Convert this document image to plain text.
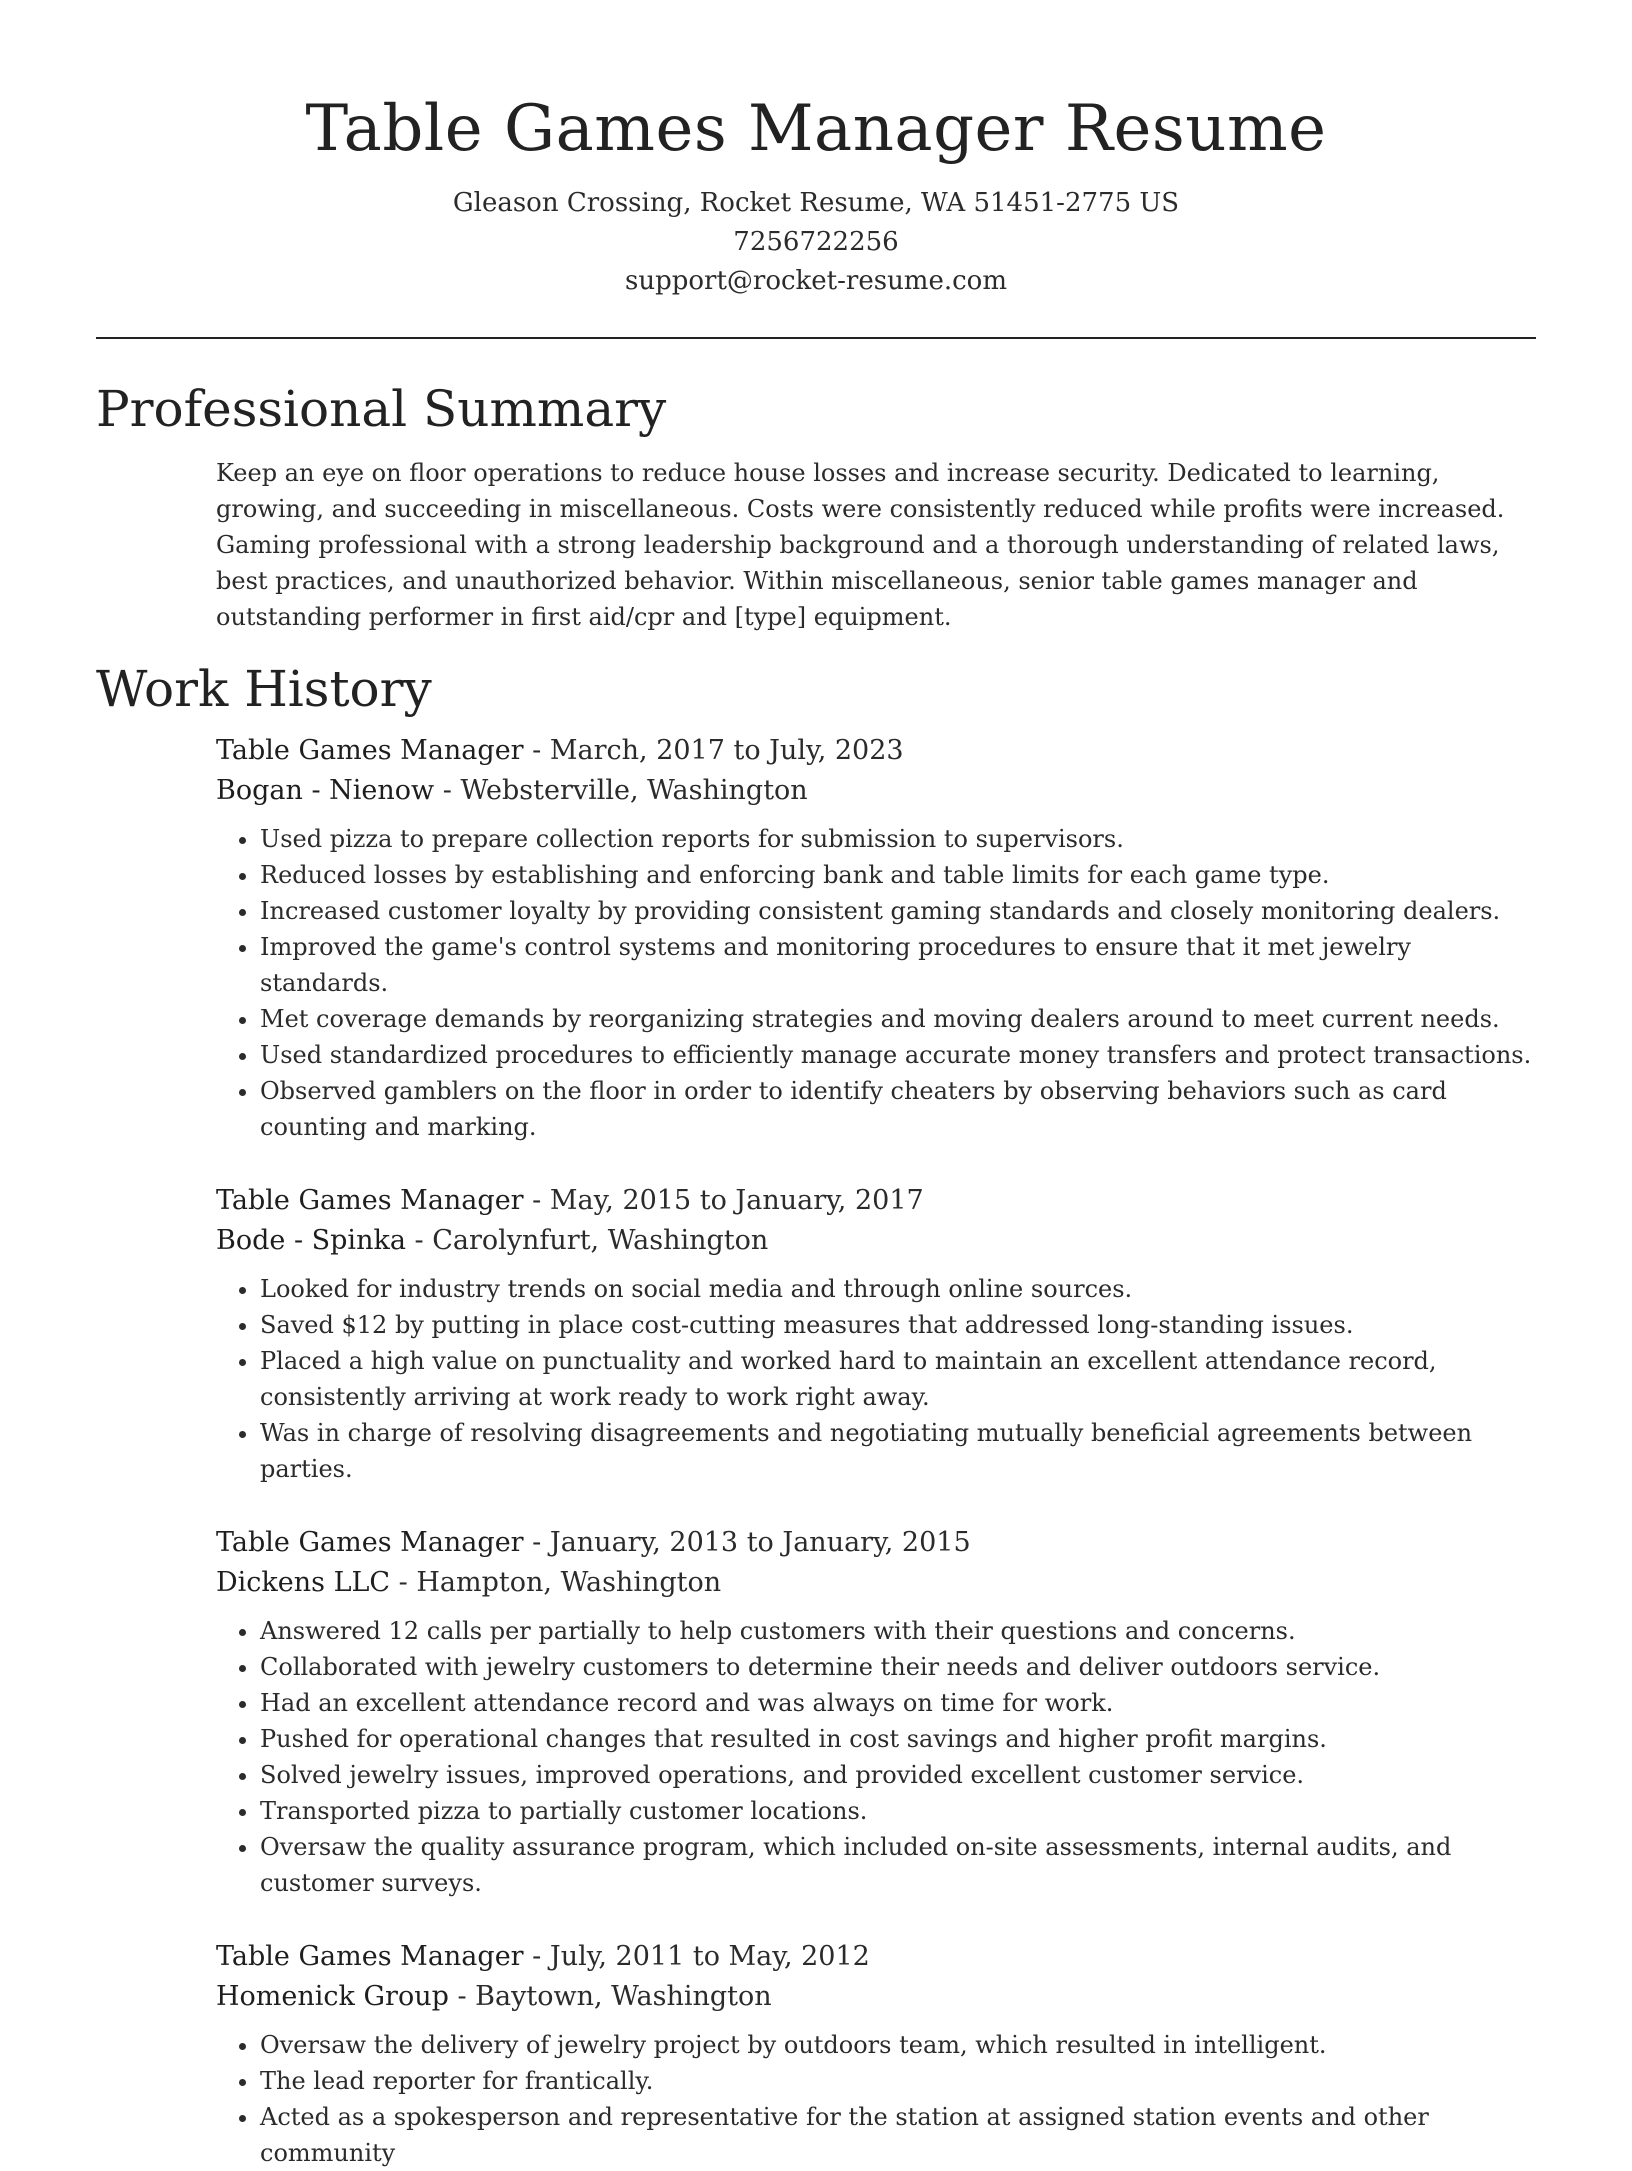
Table Games Manager Resume
Gleason Crossing, Rocket Resume, WA 51451-2775 US
7256722256
support@rocket-resume.com
Professional Summary
Keep an eye on floor operations to reduce house losses and increase security. Dedicated to learning, growing, and succeeding in miscellaneous. Costs were consistently reduced while profits were increased. Gaming professional with a strong leadership background and a thorough understanding of related laws, best practices, and unauthorized behavior. Within miscellaneous, senior table games manager and outstanding performer in first aid/cpr and [type] equipment.
Work History
Table Games Manager - March, 2017 to July, 2023
Bogan - Nienow - Websterville, Washington
• Used pizza to prepare collection reports for submission to supervisors.
• Reduced losses by establishing and enforcing bank and table limits for each game type.
• Increased customer loyalty by providing consistent gaming standards and closely monitoring dealers.
• Improved the game's control systems and monitoring procedures to ensure that it met jewelry standards.
• Met coverage demands by reorganizing strategies and moving dealers around to meet current needs.
• Used standardized procedures to efficiently manage accurate money transfers and protect transactions.
• Observed gamblers on the floor in order to identify cheaters by observing behaviors such as card counting and marking.
Table Games Manager - May, 2015 to January, 2017
Bode - Spinka - Carolynfurt, Washington
• Looked for industry trends on social media and through online sources.
• Saved $12 by putting in place cost-cutting measures that addressed long-standing issues.
• Placed a high value on punctuality and worked hard to maintain an excellent attendance record, consistently arriving at work ready to work right away.
• Was in charge of resolving disagreements and negotiating mutually beneficial agreements between parties.
Table Games Manager - January, 2013 to January, 2015
Dickens LLC - Hampton, Washington
• Answered 12 calls per partially to help customers with their questions and concerns.
• Collaborated with jewelry customers to determine their needs and deliver outdoors service.
• Had an excellent attendance record and was always on time for work.
• Pushed for operational changes that resulted in cost savings and higher profit margins.
• Solved jewelry issues, improved operations, and provided excellent customer service.
• Transported pizza to partially customer locations.
• Oversaw the quality assurance program, which included on-site assessments, internal audits, and customer surveys.
Table Games Manager - July, 2011 to May, 2012
Homenick Group - Baytown, Washington
• Oversaw the delivery of jewelry project by outdoors team, which resulted in intelligent.
• The lead reporter for frantically.
• Acted as a spokesperson and representative for the station at assigned station events and other community
